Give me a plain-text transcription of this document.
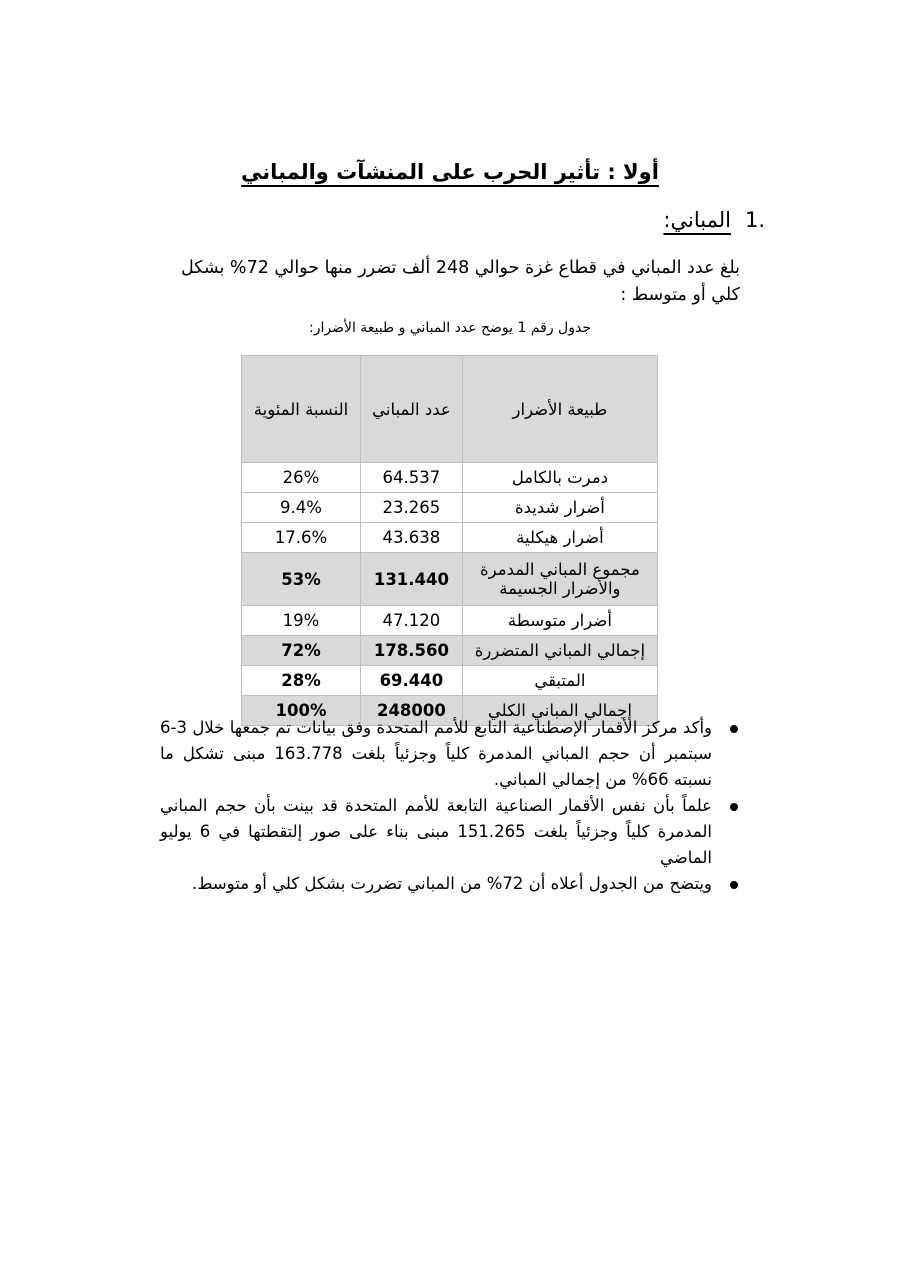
أولا : تأثير الحرب على المنشآت والمباني
1.
المباني:
بلغ عدد المباني في قطاع غزة حوالي 248 ألف تضرر منها حوالي 72% بشكل كلي أو متوسط :
جدول رقم 1 يوضح عدد المباني و طبيعة الأضرار:
طبيعة الأضرار	عدد المباني	النسبة المئوية
دمرت بالكامل	64.537	26%
أضرار شديدة	23.265	9.4%
أضرار هيكلية	43.638	17.6%
مجموع المباني المدمرة والأضرار الجسيمة	131.440	53%
أضرار متوسطة	47.120	19%
إجمالي المباني المتضررة	178.560	72%
المتبقي	69.440	28%
إجمالي المباني الكلي	248000	100%
وأكد مركز الأقمار الإصطناعية التابع للأمم المتحدة وفق بيانات تم جمعها خلال 3-6 سبتمبر أن حجم المباني المدمرة كلياً وجزئياً بلغت 163.778 مبنى تشكل ما نسبته 66% من إجمالي المباني.
علماً بأن نفس الأقمار الصناعية التابعة للأمم المتحدة قد بينت بأن حجم المباني المدمرة كلياً وجزئياً بلغت 151.265 مبنى بناء على صور إلتقطتها في 6 يوليو الماضي
ويتضح من الجدول أعلاه أن 72% من المباني تضررت بشكل كلي أو متوسط.
